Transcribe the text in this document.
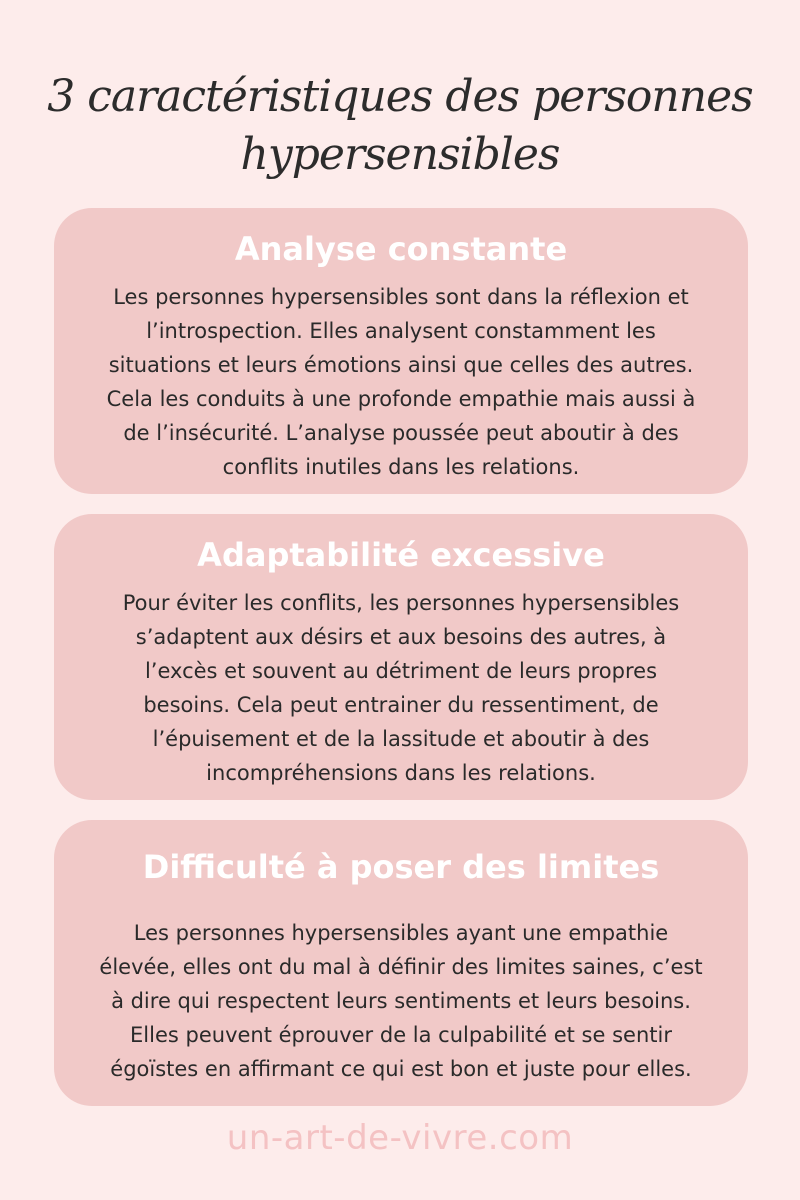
3 caractéristiques des personnes
hypersensibles
Analyse constante

Les personnes hypersensibles sont dans la réflexion et
l’introspection. Elles analysent constamment les
situations et leurs émotions ainsi que celles des autres.
Cela les conduits à une profonde empathie mais aussi à
de l’insécurité. L’analyse poussée peut aboutir à des
conflits inutiles dans les relations.

Adaptabilité excessive

Pour éviter les conflits, les personnes hypersensibles
s’adaptent aux désirs et aux besoins des autres, à
l’excès et souvent au détriment de leurs propres
besoins. Cela peut entrainer du ressentiment, de
l’épuisement et de la lassitude et aboutir à des
incompréhensions dans les relations.

Difficulté à poser des limites

Les personnes hypersensibles ayant une empathie
élevée, elles ont du mal à définir des limites saines, c’est
à dire qui respectent leurs sentiments et leurs besoins.
Elles peuvent éprouver de la culpabilité et se sentir
égoïstes en affirmant ce qui est bon et juste pour elles.

un-art-de-vivre.com
